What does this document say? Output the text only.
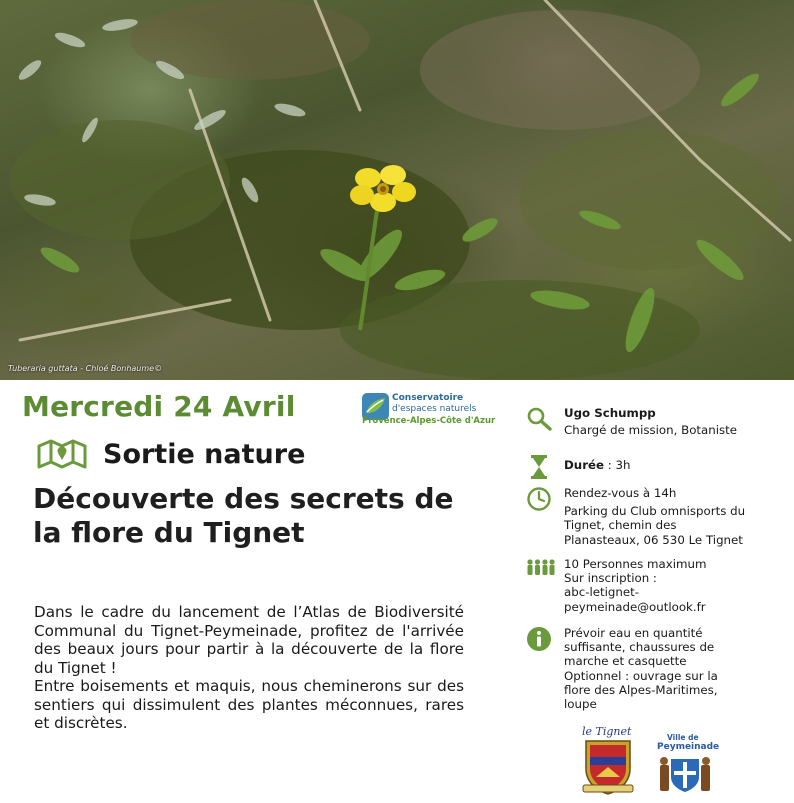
Tuberaria guttata - Chloé Bonhaume©
Mercredi 24 Avril	Conservatoire
d'espaces naturels
Provence-Alpes-Côte d'Azur
Sortie nature
Découverte des secrets de la flore du Tignet

Dans le cadre du lancement de l’Atlas de Biodiversité Communal du Tignet-Peymeinade, profitez de l'arrivée des beaux jours pour partir à la découverte de la flore du Tignet !

Entre boisements et maquis, nous cheminerons sur des sentiers qui dissimulent des plantes méconnues, rares et discrètes.

Ugo Schumpp
Chargé de mission, Botaniste
Durée : 3h
Rendez-vous à 14h
Parking du Club omnisports du
Tignet, chemin des
Planasteaux, 06 530 Le Tignet
10 Personnes maximum
Sur inscription :
abc-letignet-
peymeinade@outlook.fr
Prévoir eau en quantité
suffisante, chaussures de
marche et casquette
Optionnel : ouvrage sur la
flore des Alpes-Maritimes,
loupe
le Tignet	Ville de
Peymeinade
